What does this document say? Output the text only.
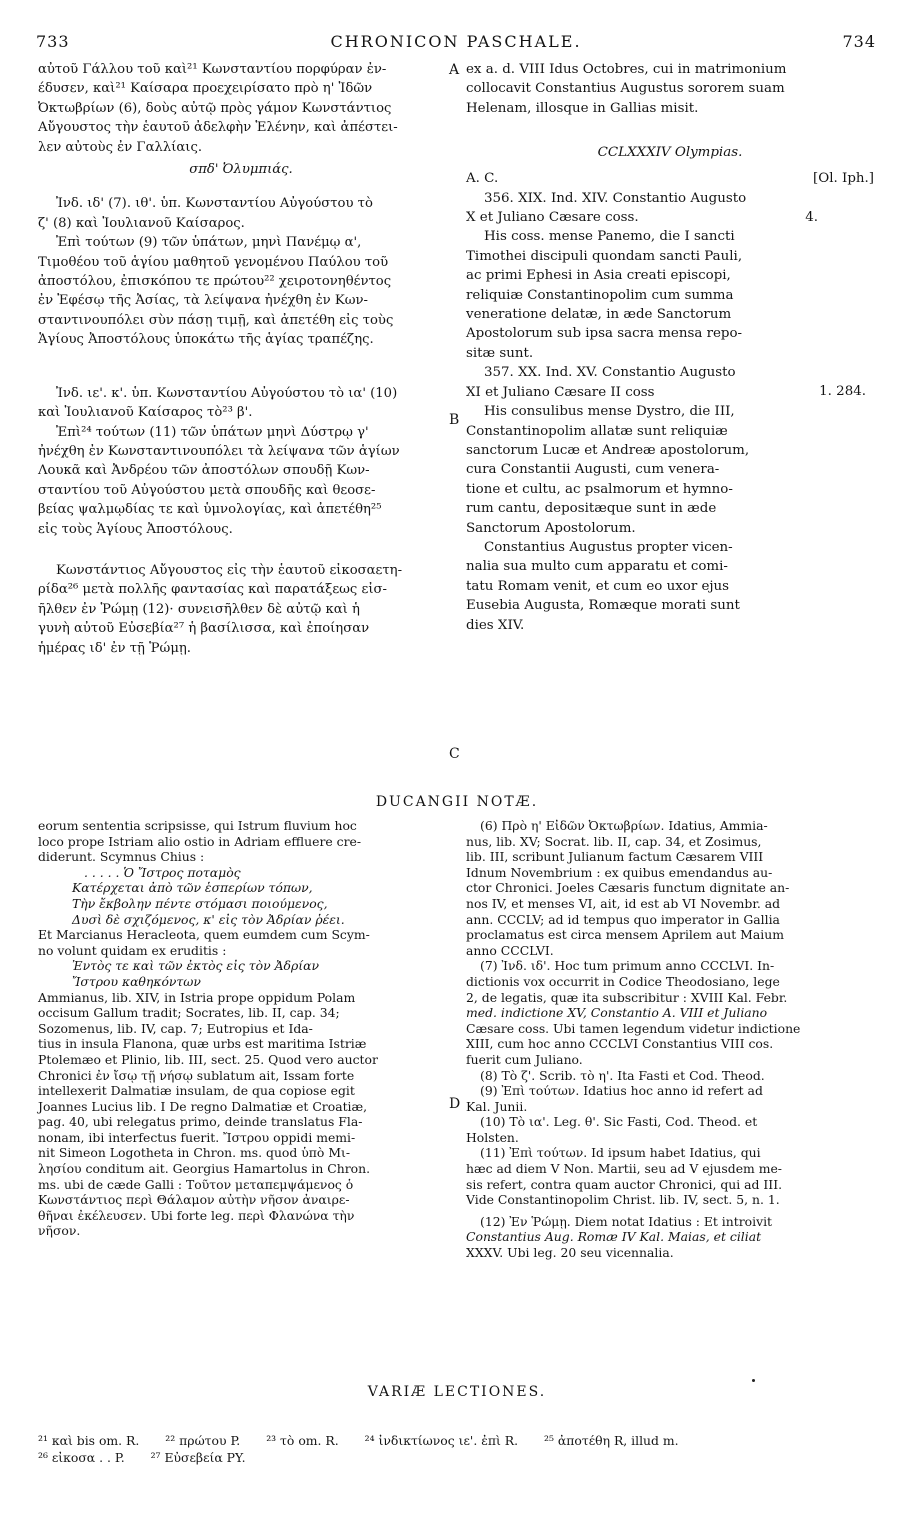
733	CHRONICON PASCHALE.	734
αὐτοῦ Γάλλου τοῦ καὶ²¹ Κωνσταντίου πορφύραν ἐν-
έδυσεν, καὶ²¹ Καίσαρα προεχειρίσατο πρὸ η' Ἰδῶν
Ὀκτωβρίων (6), δοὺς αὐτῷ πρὸς γάμον Κωνστάντιος
Αὔγουστος τὴν ἑαυτοῦ ἀδελφὴν Ἑλένην, καὶ ἀπέστει-
λεν αὐτοὺς ἐν Γαλλίαις.
σπδ' Ὀλυμπιάς.
Ἰνδ. ιδ' (7). ιθ'. ὑπ. Κωνσταντίου Αὐγούστου τὸ
ζ' (8) καὶ Ἰουλιανοῦ Καίσαρος.
Ἐπὶ τούτων (9) τῶν ὑπάτων, μηνὶ Πανέμῳ α',
Τιμοθέου τοῦ ἁγίου μαθητοῦ γενομένου Παύλου τοῦ
ἀποστόλου, ἐπισκόπου τε πρώτου²² χειροτονηθέντος
ἐν Ἐφέσῳ τῆς Ἀσίας, τὰ λείψανα ἠνέχθη ἐν Κων-
σταντινουπόλει σὺν πάσῃ τιμῇ, καὶ ἀπετέθη εἰς τοὺς
Ἁγίους Ἀποστόλους ὑποκάτω τῆς ἁγίας τραπέζης.
Ἰνδ. ιε'. κ'. ὑπ. Κωνσταντίου Αὐγούστου τὸ ια' (10)
καὶ Ἰουλιανοῦ Καίσαρος τὸ²³ β'.
Ἐπὶ²⁴ τούτων (11) τῶν ὑπάτων μηνὶ Δύστρῳ γ'
ἠνέχθη ἐν Κωνσταντινουπόλει τὰ λείψανα τῶν ἁγίων
Λουκᾶ καὶ Ἀνδρέου τῶν ἀποστόλων σπουδῇ Κων-
σταντίου τοῦ Αὐγούστου μετὰ σπουδῆς καὶ θεοσε-
βείας ψαλμῳδίας τε καὶ ὑμνολογίας, καὶ ἀπετέθη²⁵
εἰς τοὺς Ἁγίους Ἀποστόλους.
Κωνστάντιος Αὔγουστος εἰς τὴν ἑαυτοῦ εἰκοσαετη-
ρίδα²⁶ μετὰ πολλῆς φαντασίας καὶ παρατάξεως εἰσ-
ῆλθεν ἐν Ῥώμῃ (12)· συνεισῆλθεν δὲ αὐτῷ καὶ ἡ
γυνὴ αὐτοῦ Εὐσεβία²⁷ ἡ βασίλισσα, καὶ ἐποίησαν
ἡμέρας ιδ' ἐν τῇ Ῥώμῃ.
A
B
C
D
ex a. d. VIII Idus Octobres, cui in matrimonium
collocavit Constantius Augustus sororem suam
Helenam, illosque in Gallias misit.
CCLXXXIV Olympias.
A. C.	[Ol. Iph.]
356. XIX. Ind. XIV. Constantio Augusto
X et Juliano Cæsare coss.	4.
His coss. mense Panemo, die I sancti
Timothei discipuli quondam sancti Pauli,
ac primi Ephesi in Asia creati episcopi,
reliquiæ Constantinopolim cum summa
veneratione delatæ, in æde Sanctorum
Apostolorum sub ipsa sacra mensa repo-
sitæ sunt.
357. XX. Ind. XV. Constantio Augusto
XI et Juliano Cæsare II coss	1. 284.
His consulibus mense Dystro, die III,
Constantinopolim allatæ sunt reliquiæ
sanctorum Lucæ et Andreæ apostolorum,
cura Constantii Augusti, cum venera-
tione et cultu, ac psalmorum et hymno-
rum cantu, depositæque sunt in æde
Sanctorum Apostolorum.
Constantius Augustus propter vicen-
nalia sua multo cum apparatu et comi-
tatu Romam venit, et cum eo uxor ejus
Eusebia Augusta, Romæque morati sunt
dies XIV.
DUCANGII NOTÆ.
eorum sententia scripsisse, qui Istrum fluvium hoc
loco prope Istriam alio ostio in Adriam effluere cre-
diderunt. Scymnus Chius :
. . . . . Ὁ Ἴστρος ποταμὸς
Κατέρχεται ἀπὸ τῶν ἑσπερίων τόπων,
Τὴν ἔκβολην πέντε στόμασι ποιούμενος,
Δυσὶ δὲ σχιζόμενος, κ' εἰς τὸν Ἀδρίαν ῥέει.
Et Marcianus Heracleota, quem eumdem cum Scym-
no volunt quidam ex eruditis :
Ἐντὸς τε καὶ τῶν ἐκτὸς εἰς τὸν Ἀδρίαν
Ἴστρου καθηκόντων
Ammianus, lib. XIV, in Istria prope oppidum Polam
occisum Gallum tradit; Socrates, lib. II, cap. 34;
Sozomenus, lib. IV, cap. 7; Eutropius et Ida-
tius in insula Flanona, quæ urbs est maritima Istriæ
Ptolemæo et Plinio, lib. III, sect. 25. Quod vero auctor
Chronici ἐν ἴσῳ τῇ νήσῳ sublatum ait, Issam forte
intellexerit Dalmatiæ insulam, de qua copiose egit
Joannes Lucius lib. I De regno Dalmatiæ et Croatiæ,
pag. 40, ubi relegatus primo, deinde translatus Fla-
nonam, ibi interfectus fuerit. Ἴστρου oppidi memi-
nit Simeon Logotheta in Chron. ms. quod ὑπὸ Μι-
λησίου conditum ait. Georgius Hamartolus in Chron.
ms. ubi de cæde Galli : Τοῦτον μεταπεμψάμενος ὁ
Κωνστάντιος περὶ Θάλαμον αὐτὴν νῆσον ἀναιρε-
θῆναι ἐκέλευσεν. Ubi forte leg. περὶ Φλανώνα τὴν
νῆσον.
(6) Πρὸ η' Εἰδῶν Ὀκτωβρίων. Idatius, Ammia-
nus, lib. XV; Socrat. lib. II, cap. 34, et Zosimus,
lib. III, scribunt Julianum factum Cæsarem VIII
Idnum Novembrium : ex quibus emendandus au-
ctor Chronici. Joeles Cæsaris functum dignitate an-
nos IV, et menses VI, ait, id est ab VI Novembr. ad
ann. CCCLV; ad id tempus quo imperator in Gallia
proclamatus est circa mensem Aprilem aut Maium
anno CCCLVI.
(7) Ἰνδ. ιδ'. Hoc tum primum anno CCCLVI. In-
dictionis vox occurrit in Codice Theodosiano, lege
2, de legatis, quæ ita subscribitur : XVIII Kal. Febr.
med. indictione XV, Constantio A. VIII et Juliano
Cæsare coss. Ubi tamen legendum videtur indictione
XIII, cum hoc anno CCCLVI Constantius VIII cos.
fuerit cum Juliano.
(8) Τὸ ζ'. Scrib. τὸ η'. Ita Fasti et Cod. Theod.
(9) Ἐπὶ τούτων. Idatius hoc anno id refert ad
Kal. Junii.
(10) Τὸ ια'. Leg. θ'. Sic Fasti, Cod. Theod. et
Holsten.
(11) Ἐπὶ τούτων. Id ipsum habet Idatius, qui
hæc ad diem V Non. Martii, seu ad V ejusdem me-
sis refert, contra quam auctor Chronici, qui ad III.
Vide Constantinopolim Christ. lib. IV, sect. 5, n. 1.
(12) Ἐν Ῥώμῃ. Diem notat Idatius : Et introivit
Constantius Aug. Romæ IV Kal. Maias, et ciliat
XXXV. Ubi leg. 20 seu vicennalia.
VARIÆ LECTIONES.
²¹ καὶ bis om. R. ²² πρώτου P. ²³ τὸ om. R. ²⁴ ἰνδικτίωνος ιε'. ἐπὶ R. ²⁵ ἀποτέθη R, illud m.
²⁶ εἰκοσα . . P. ²⁷ Εὐσεβεία PY.
